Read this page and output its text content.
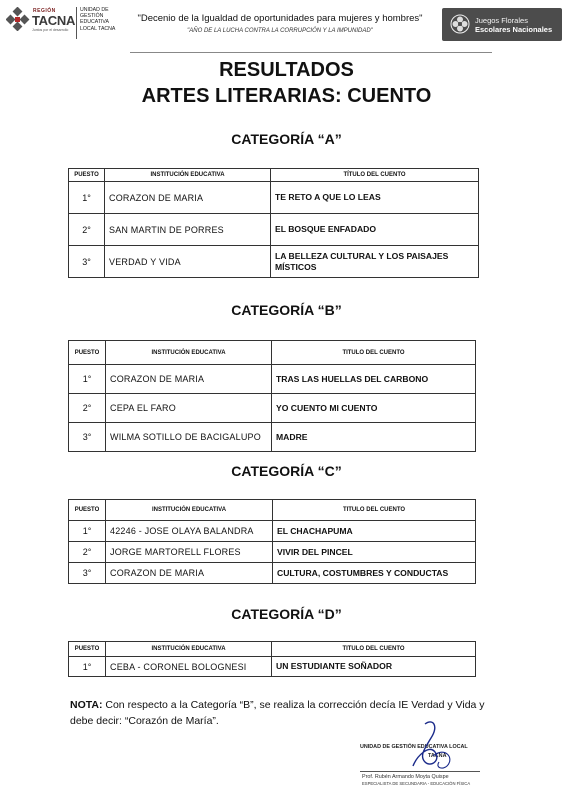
REGIÓN
TACNA
Juntos por el desarrollo
UNIDAD DE
GESTIÓN
EDUCATIVA
LOCAL TACNA
"Decenio de la Igualdad de oportunidades para mujeres y hombres"
"AÑO DE LA LUCHA CONTRA LA CORRUPCIÓN Y LA IMPUNIDAD"
Juegos Florales
Escolares Nacionales
RESULTADOS
ARTES LITERARIAS: CUENTO
CATEGORÍA “A”
PUESTO	INSTITUCIÓN EDUCATIVA	TÍTULO DEL CUENTO
1°	CORAZON DE MARIA	TE RETO A QUE LO LEAS
2°	SAN MARTIN DE PORRES	EL BOSQUE ENFADADO
3°	VERDAD Y VIDA	LA BELLEZA CULTURAL Y LOS PAISAJES MÍSTICOS
CATEGORÍA “B”
PUESTO	INSTITUCIÓN EDUCATIVA	TITULO DEL CUENTO
1°	CORAZON DE MARIA	TRAS LAS HUELLAS DEL CARBONO
2°	CEPA EL FARO	YO CUENTO MI CUENTO
3°	WILMA SOTILLO DE BACIGALUPO	MADRE
CATEGORÍA “C”
PUESTO	INSTITUCIÓN EDUCATIVA	TITULO DEL CUENTO
1°	42246 - JOSE OLAYA BALANDRA	EL CHACHAPUMA
2°	JORGE MARTORELL FLORES	VIVIR DEL PINCEL
3°	CORAZON DE MARIA	CULTURA, COSTUMBRES Y CONDUCTAS
CATEGORÍA “D”
PUESTO	INSTITUCIÓN EDUCATIVA	TITULO DEL CUENTO
1°	CEBA - CORONEL BOLOGNESI	UN ESTUDIANTE SOÑADOR
NOTA: Con respecto a la Categoría “B”, se realiza la corrección decía IE Verdad y Vida y debe decir: “Corazón de María”.
UNIDAD DE GESTIÓN EDUCATIVA LOCAL
TACNA
Prof. Rubén Armando Moyta Quispe
ESPECIALISTA DE SECUNDARIA - EDUCACIÓN FÍSICA
